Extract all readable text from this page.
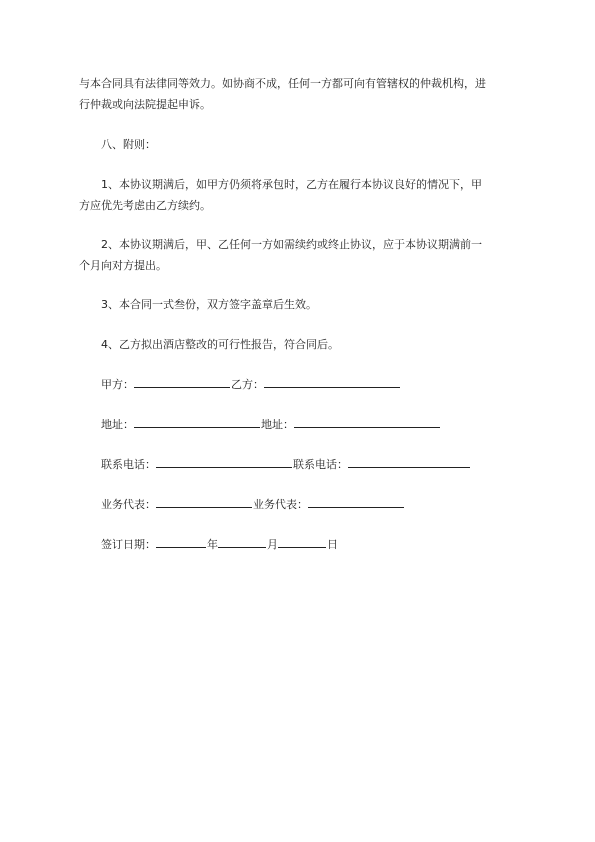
与本合同具有法律同等效力。如协商不成，任何一方都可向有管辖权的仲裁机构，进
行仲裁或向法院提起申诉。
八、附则：
1、本协议期满后，如甲方仍须将承包时，乙方在履行本协议良好的情况下，甲
方应优先考虑由乙方续约。
2、本协议期满后，甲、乙任何一方如需续约或终止协议，应于本协议期满前一
个月向对方提出。
3、本合同一式叁份，双方签字盖章后生效。
4、乙方拟出酒店整改的可行性报告，符合同后。
甲方：	乙方：
地址：	地址：
联系电话：	联系电话：
业务代表：	业务代表：
签订日期：	年	月	日
